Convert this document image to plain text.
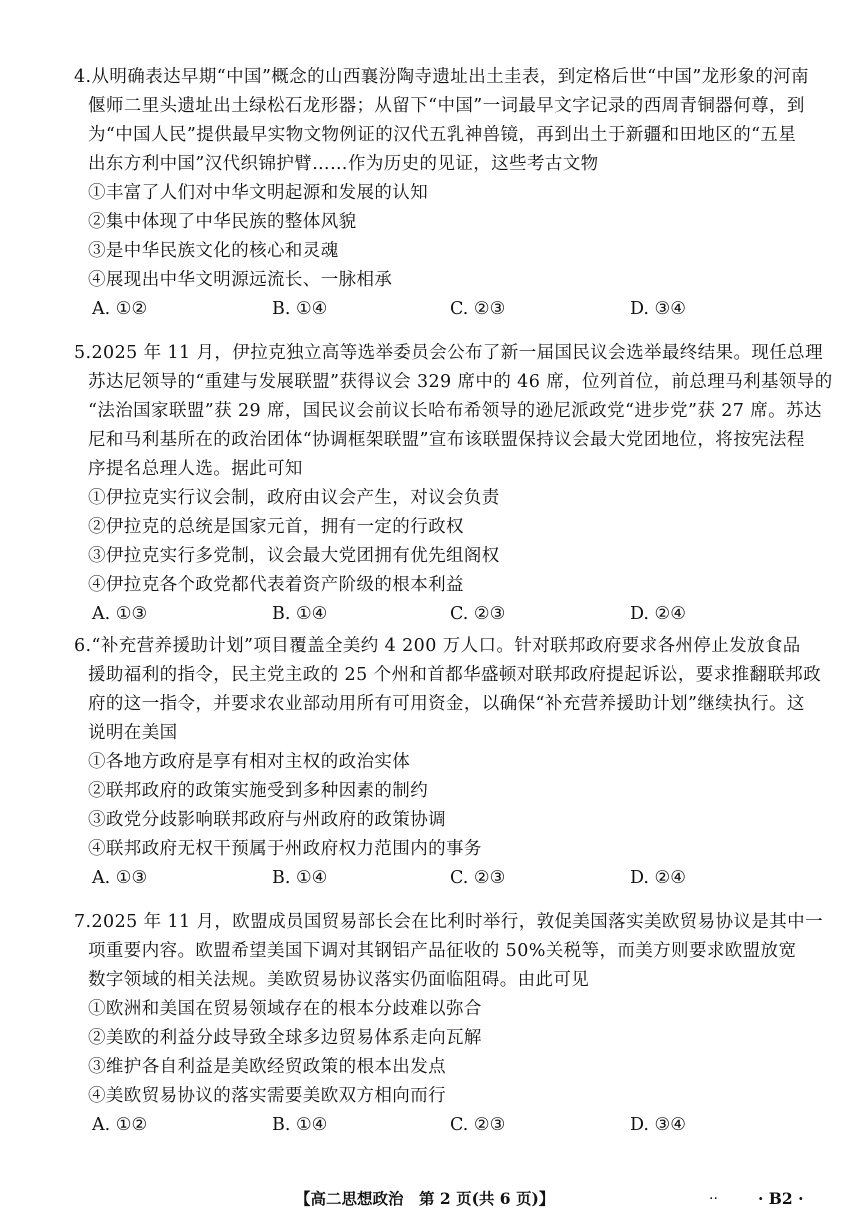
4.从明确表达早期“中国”概念的山西襄汾陶寺遗址出土圭表，到定格后世“中国”龙形象的河南
偃师二里头遗址出土绿松石龙形器；从留下“中国”一词最早文字记录的西周青铜器何尊，到
为“中国人民”提供最早实物文物例证的汉代五乳神兽镜，再到出土于新疆和田地区的“五星
出东方利中国”汉代织锦护臂……作为历史的见证，这些考古文物
①丰富了人们对中华文明起源和发展的认知
②集中体现了中华民族的整体风貌
③是中华民族文化的核心和灵魂
④展现出中华文明源远流长、一脉相承
A. ①②	B. ①④	C. ②③	D. ③④
5.2025 年 11 月，伊拉克独立高等选举委员会公布了新一届国民议会选举最终结果。现任总理
苏达尼领导的“重建与发展联盟”获得议会 329 席中的 46 席，位列首位，前总理马利基领导的
“法治国家联盟”获 29 席，国民议会前议长哈布希领导的逊尼派政党“进步党”获 27 席。苏达
尼和马利基所在的政治团体“协调框架联盟”宣布该联盟保持议会最大党团地位，将按宪法程
序提名总理人选。据此可知
①伊拉克实行议会制，政府由议会产生，对议会负责
②伊拉克的总统是国家元首，拥有一定的行政权
③伊拉克实行多党制，议会最大党团拥有优先组阁权
④伊拉克各个政党都代表着资产阶级的根本利益
A. ①③	B. ①④	C. ②③	D. ②④
6.“补充营养援助计划”项目覆盖全美约 4 200 万人口。针对联邦政府要求各州停止发放食品
援助福利的指令，民主党主政的 25 个州和首都华盛顿对联邦政府提起诉讼，要求推翻联邦政
府的这一指令，并要求农业部动用所有可用资金，以确保“补充营养援助计划”继续执行。这
说明在美国
①各地方政府是享有相对主权的政治实体
②联邦政府的政策实施受到多种因素的制约
③政党分歧影响联邦政府与州政府的政策协调
④联邦政府无权干预属于州政府权力范围内的事务
A. ①③	B. ①④	C. ②③	D. ②④
7.2025 年 11 月，欧盟成员国贸易部长会在比利时举行，敦促美国落实美欧贸易协议是其中一
项重要内容。欧盟希望美国下调对其钢铝产品征收的 50%关税等，而美方则要求欧盟放宽
数字领域的相关法规。美欧贸易协议落实仍面临阻碍。由此可见
①欧洲和美国在贸易领域存在的根本分歧难以弥合
②美欧的利益分歧导致全球多边贸易体系走向瓦解
③维护各自利益是美欧经贸政策的根本出发点
④美欧贸易协议的落实需要美欧双方相向而行
A. ①②	B. ①④	C. ②③	D. ③④
【高二思想政治　第 2 页(共 6 页)】	··	· B2 ·
